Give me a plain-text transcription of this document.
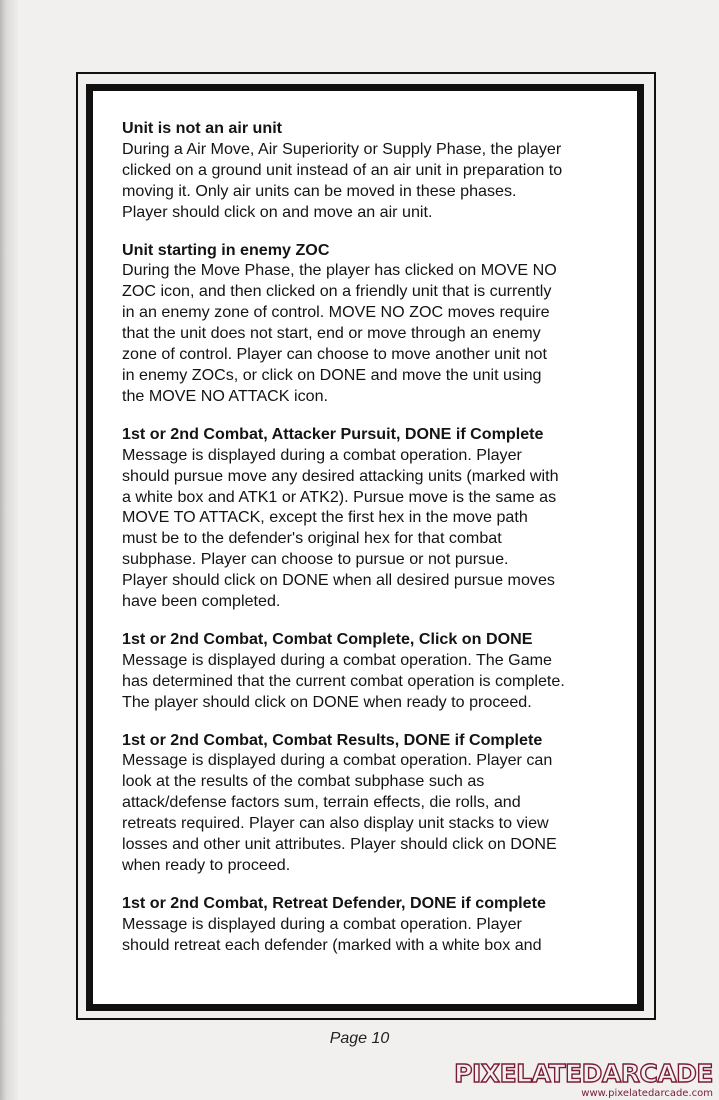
Unit is not an air unit
During a Air Move, Air Superiority or Supply Phase, the player
clicked on a ground unit instead of an air unit in preparation to
moving it. Only air units can be moved in these phases.
Player should click on and move an air unit.
Unit starting in enemy ZOC
During the Move Phase, the player has clicked on MOVE NO
ZOC icon, and then clicked on a friendly unit that is currently
in an enemy zone of control. MOVE NO ZOC moves require
that the unit does not start, end or move through an enemy
zone of control. Player can choose to move another unit not
in enemy ZOCs, or click on DONE and move the unit using
the MOVE NO ATTACK icon.
1st or 2nd Combat, Attacker Pursuit, DONE if Complete
Message is displayed during a combat operation. Player
should pursue move any desired attacking units (marked with
a white box and ATK1 or ATK2). Pursue move is the same as
MOVE TO ATTACK, except the first hex in the move path
must be to the defender's original hex for that combat
subphase. Player can choose to pursue or not pursue.
Player should click on DONE when all desired pursue moves
have been completed.
1st or 2nd Combat, Combat Complete, Click on DONE
Message is displayed during a combat operation. The Game
has determined that the current combat operation is complete.
The player should click on DONE when ready to proceed.
1st or 2nd Combat, Combat Results, DONE if Complete
Message is displayed during a combat operation. Player can
look at the results of the combat subphase such as
attack/defense factors sum, terrain effects, die rolls, and
retreats required. Player can also display unit stacks to view
losses and other unit attributes. Player should click on DONE
when ready to proceed.
1st or 2nd Combat, Retreat Defender, DONE if complete
Message is displayed during a combat operation. Player
should retreat each defender (marked with a white box and
Page 10
PIXELATEDARCADE
www.pixelatedarcade.com
